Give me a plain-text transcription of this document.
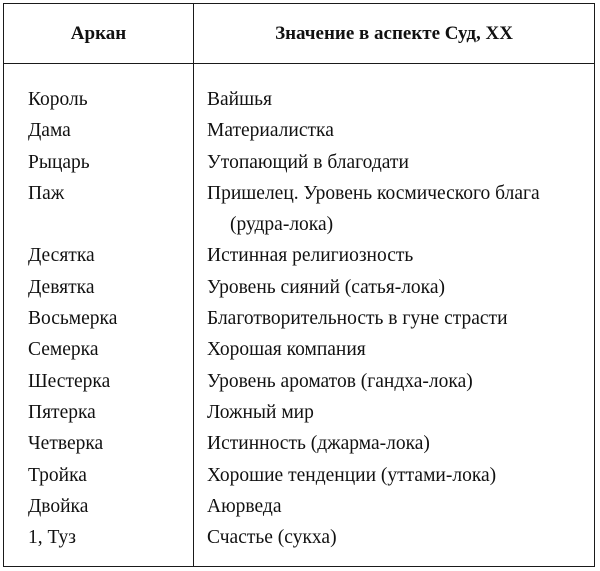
Аркан	Значение в аспекте Суд, XX
Король	Вайшья
Дама	Материалистка
Рыцарь	Утопающий в благодати
Паж	Пришелец. Уровень космического блага
(рудра-лока)
Десятка	Истинная религиозность
Девятка	Уровень сияний (сатья-лока)
Восьмерка	Благотворительность в гуне страсти
Семерка	Хорошая компания
Шестерка	Уровень ароматов (гандха-лока)
Пятерка	Ложный мир
Четверка	Истинность (джарма-лока)
Тройка	Хорошие тенденции (уттами-лока)
Двойка	Аюрведа
1, Туз	Счастье (сукха)
